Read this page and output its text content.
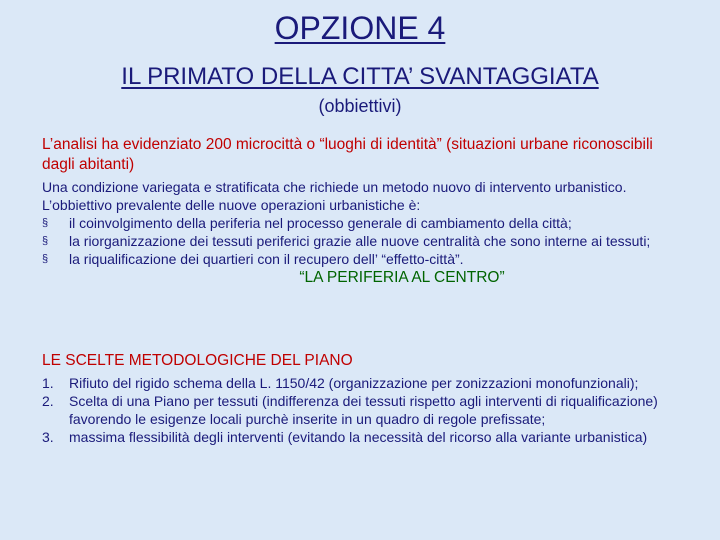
OPZIONE 4
IL PRIMATO DELLA CITTA’ SVANTAGGIATA
(obbiettivi)
L’analisi ha evidenziato 200 microcittà o “luoghi di identità” (situazioni urbane riconoscibili dagli abitanti)

Una condizione variegata e stratificata che richiede un metodo nuovo di intervento urbanistico.

L’obbiettivo prevalente delle nuove operazioni urbanistiche è:

§	il coinvolgimento della periferia nel processo generale di cambiamento della città;
§	la riorganizzazione dei tessuti periferici grazie alle nuove centralità che sono interne ai tessuti;
§	la riqualificazione dei quartieri con il recupero dell’ “effetto-città”.

“LA PERIFERIA AL CENTRO”

LE SCELTE METODOLOGICHE DEL PIANO
1.	Rifiuto del rigido schema della L. 1150/42 (organizzazione per zonizzazioni monofunzionali);
2.	Scelta di una Piano per tessuti (indifferenza dei tessuti rispetto agli interventi di riqualificazione) favorendo le esigenze locali purchè inserite in un quadro di regole prefissate;
3.	massima flessibilità degli interventi (evitando la necessità del ricorso alla variante urbanistica)
